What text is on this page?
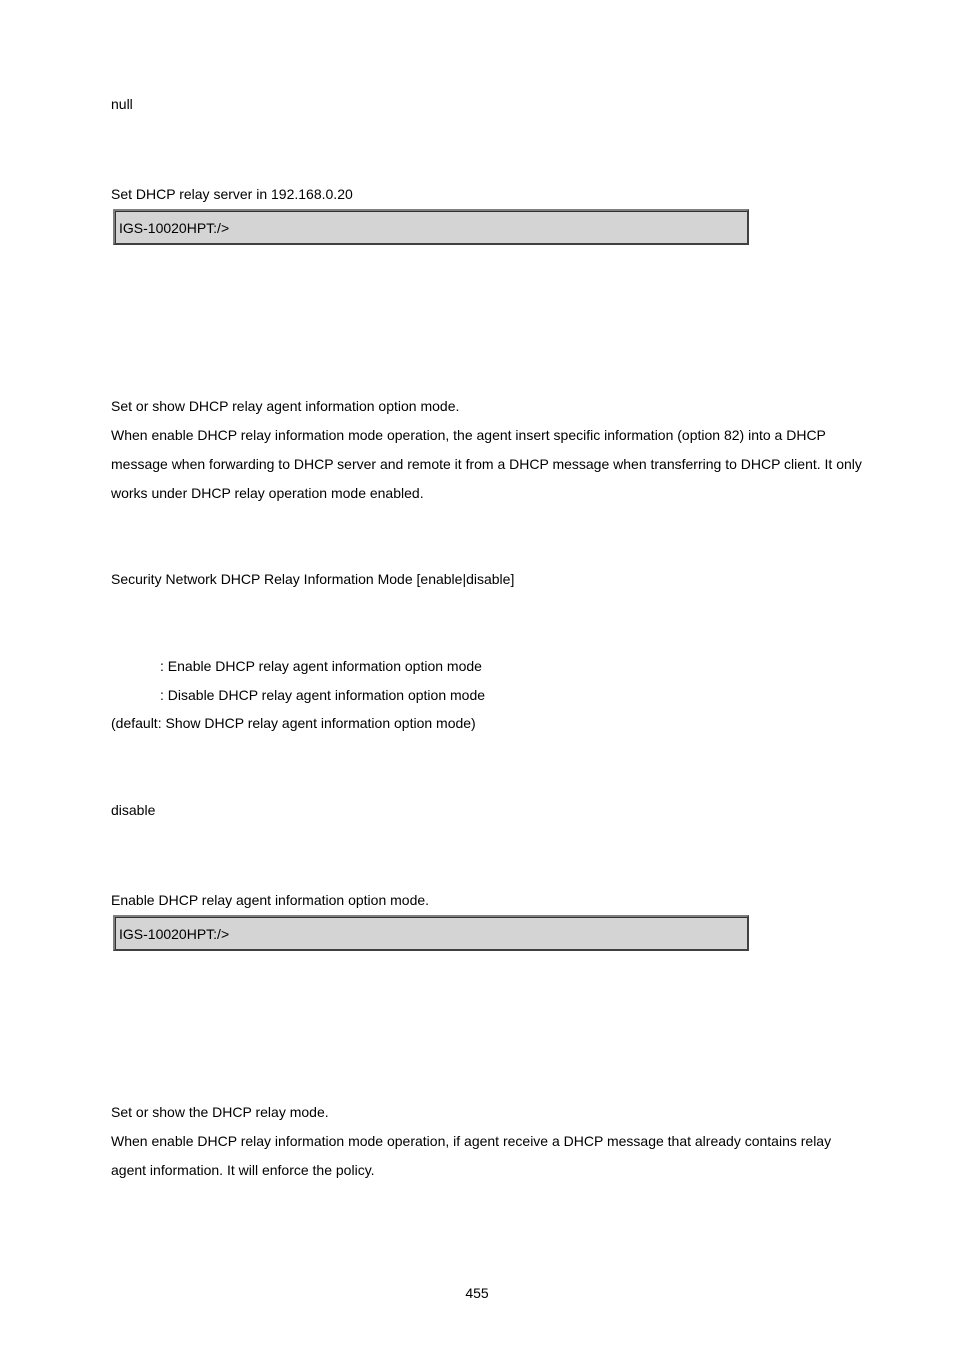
null
Set DHCP relay server in 192.168.0.20
IGS-10020HPT:/>
Set or show DHCP relay agent information option mode.
When enable DHCP relay information mode operation, the agent insert specific information (option 82) into a DHCP
message when forwarding to DHCP server and remote it from a DHCP message when transferring to DHCP client. It only
works under DHCP relay operation mode enabled.
Security Network DHCP Relay Information Mode [enable|disable]
: Enable DHCP relay agent information option mode
: Disable DHCP relay agent information option mode
(default: Show DHCP relay agent information option mode)
disable
Enable DHCP relay agent information option mode.
IGS-10020HPT:/>
Set or show the DHCP relay mode.
When enable DHCP relay information mode operation, if agent receive a DHCP message that already contains relay
agent information. It will enforce the policy.
455
